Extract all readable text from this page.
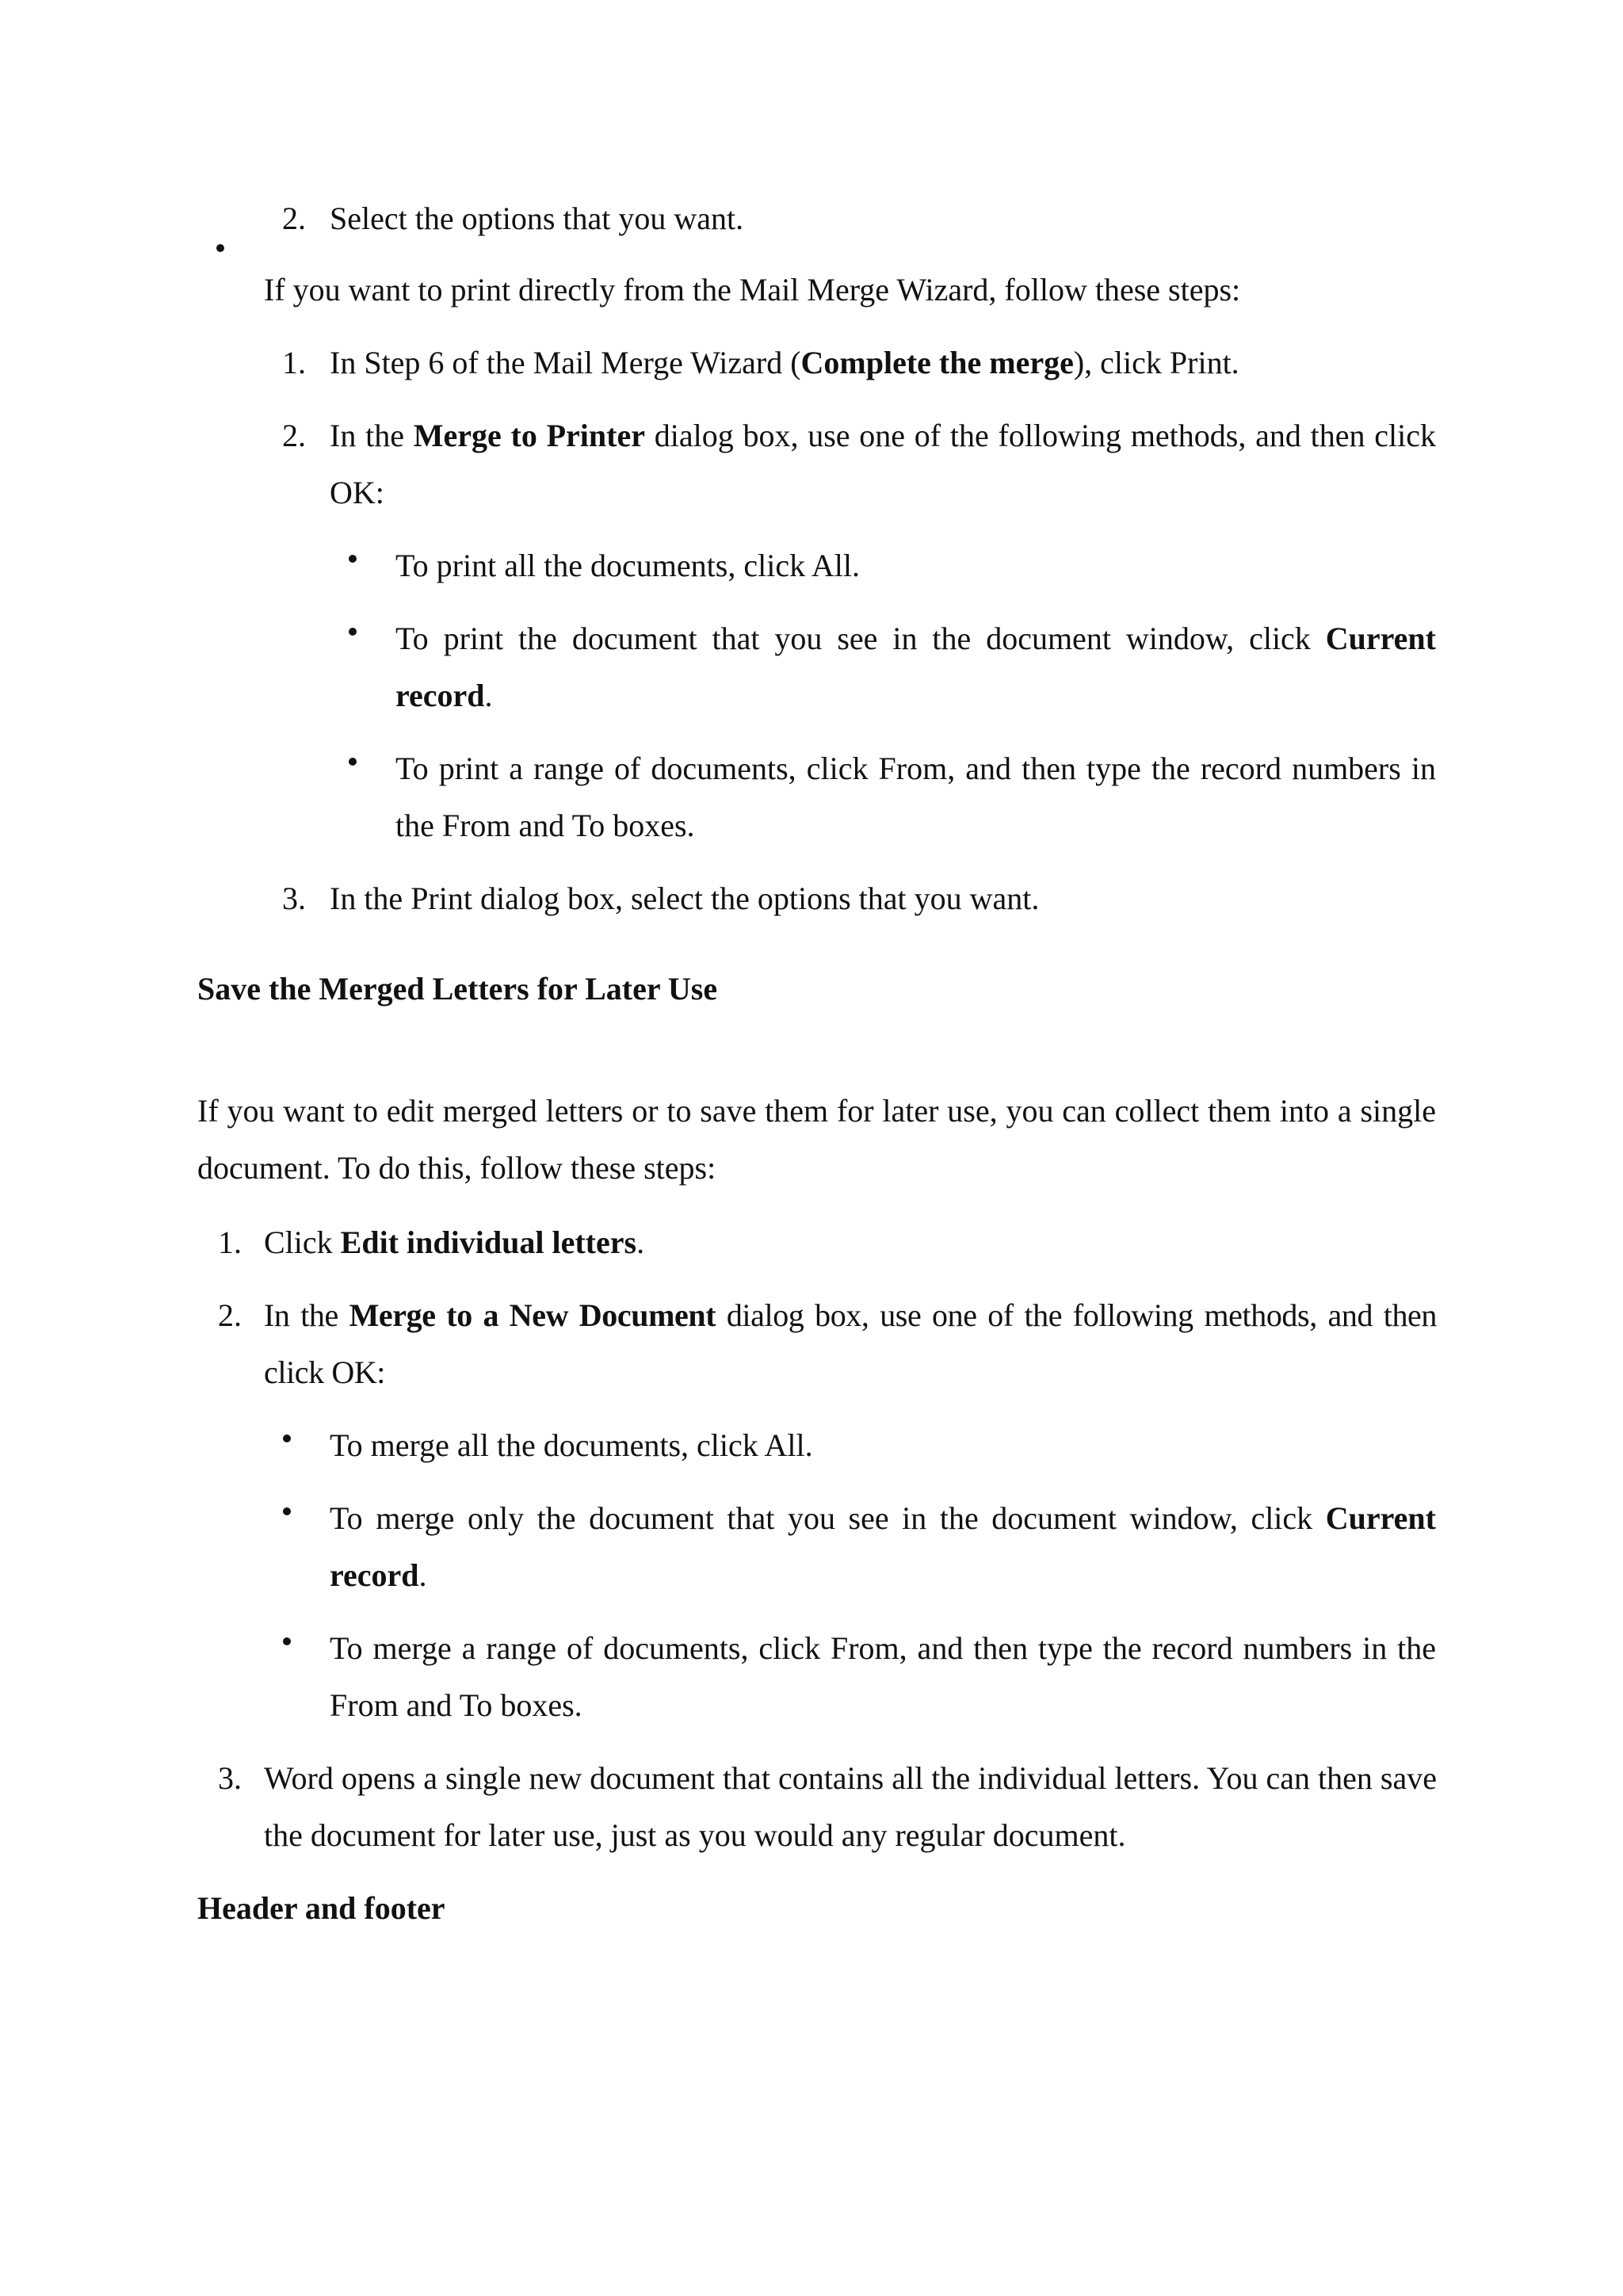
2. Select the options that you want.

If you want to print directly from the Mail Merge Wizard, follow these steps:

1. In Step 6 of the Mail Merge Wizard (Complete the merge), click Print.

2. In the Merge to Printer dialog box, use one of the following methods, and then click OK:

To print all the documents, click All.

To print the document that you see in the document window, click Current record.

To print a range of documents, click From, and then type the record numbers in the From and To boxes.

3. In the Print dialog box, select the options that you want.

Save the Merged Letters for Later Use

If you want to edit merged letters or to save them for later use, you can collect them into a single document. To do this, follow these steps:

1. Click Edit individual letters.

2. In the Merge to a New Document dialog box, use one of the following methods, and then click OK:

To merge all the documents, click All.

To merge only the document that you see in the document window, click Current record.

To merge a range of documents, click From, and then type the record numbers in the From and To boxes.

3. Word opens a single new document that contains all the individual letters. You can then save the document for later use, just as you would any regular document.

Header and footer
